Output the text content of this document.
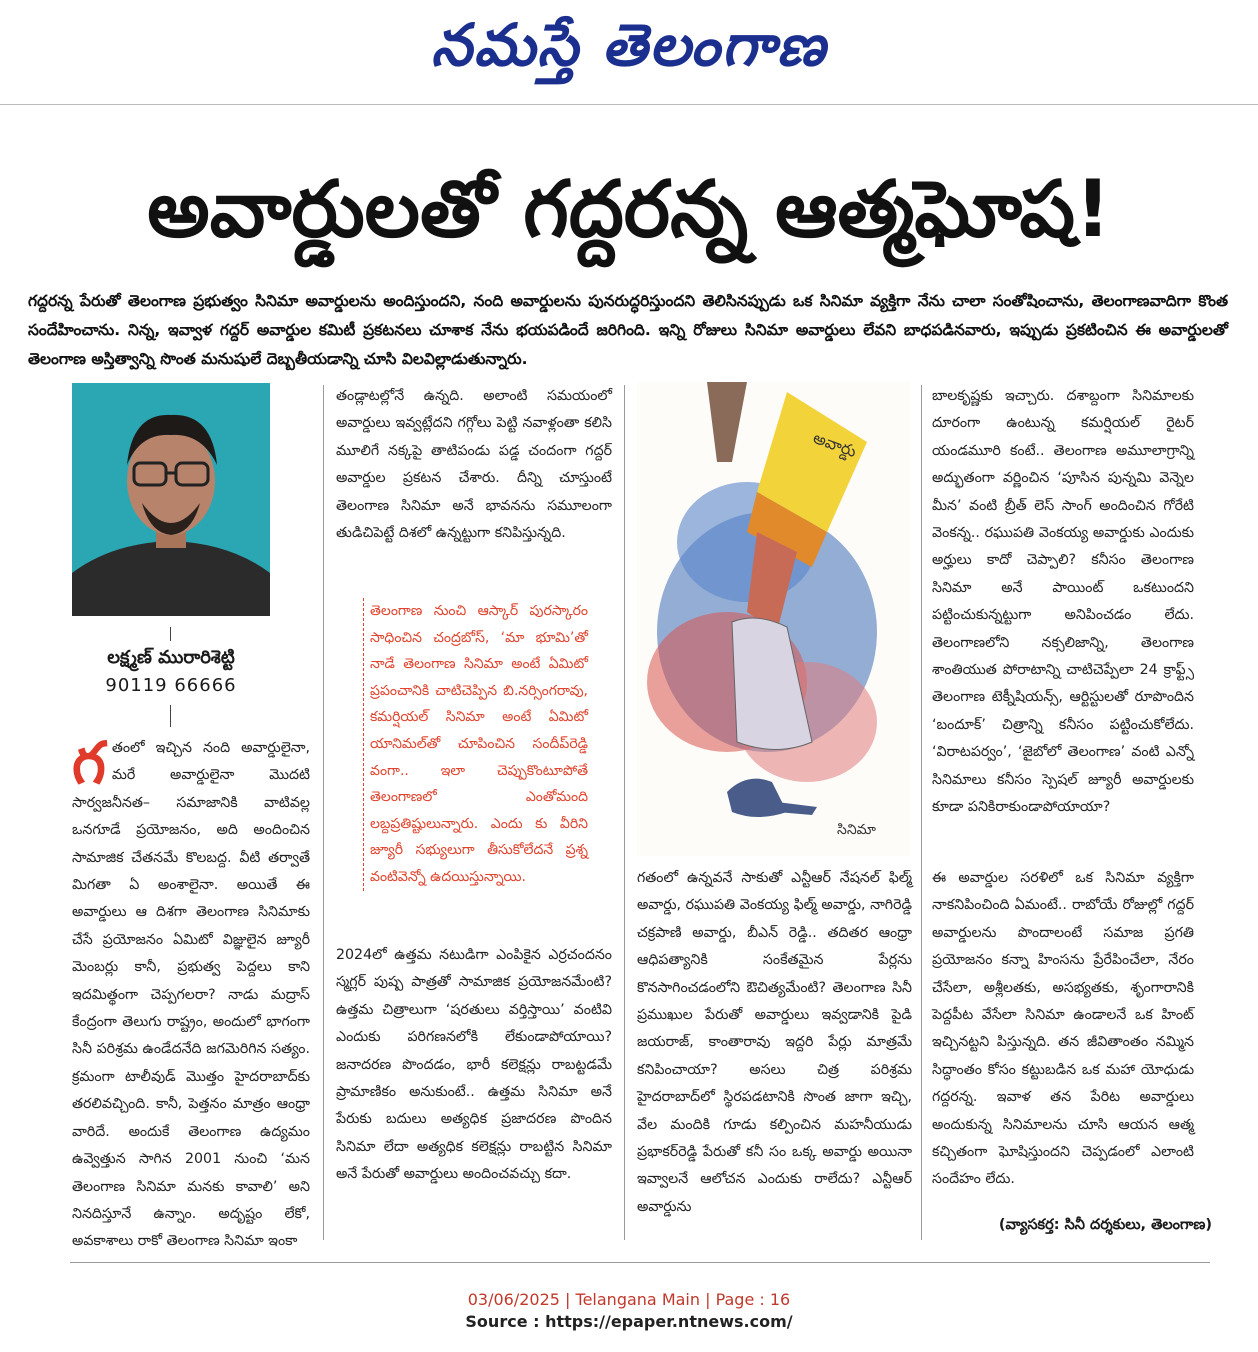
నమస్తే తెలంగాణ
అవార్డులతో గద్దరన్న ఆత్మఘోష!
గద్దరన్న పేరుతో తెలంగాణ ప్రభుత్వం సినిమా అవార్డులను అందిస్తుందని, నంది అవార్డులను పునరుద్ధరిస్తుందని తెలిసినప్పుడు ఒక సినిమా వ్యక్తిగా నేను చాలా సంతోషించాను, తెలంగాణవాదిగా కొంత సందేహించాను. నిన్న, ఇవ్వాళ గద్దర్ అవార్డుల కమిటీ ప్రకటనలు చూశాక నేను భయపడిందే జరిగింది. ఇన్ని రోజులు సినిమా అవార్డులు లేవని బాధపడినవారు, ఇప్పుడు ప్రకటించిన ఈ అవార్డులతో తెలంగాణ అస్తిత్వాన్ని సొంత మనుషులే దెబ్బతీయడాన్ని చూసి విలవిల్లాడుతున్నారు.
లక్ష్మణ్ మురారిశెట్టి
90119 66666
గ తంలో ఇచ్చిన నంది అవార్డులైనా, మరే అవార్డులైనా మొదటి సార్వజనీనత– సమాజానికి వాటివల్ల ఒనగూడే ప్రయోజనం, అది అందించిన సామాజిక చేతనమే కొలబద్ద. వీటి తర్వాతే మిగతా ఏ అంశాలైనా. అయితే ఈ అవార్డులు ఆ దిశగా తెలంగాణ సినిమాకు చేసే ప్రయోజనం ఏమిటో విజ్ఞులైన జ్యూరీ మెంబర్లు కానీ, ప్రభుత్వ పెద్దలు కాని ఇదమిత్థంగా చెప్పగలరా? నాడు మద్రాస్ కేంద్రంగా తెలుగు రాష్ట్రం, అందులో భాగంగా సినీ పరిశ్రమ ఉండేదనేది జగమెరిగిన సత్యం. క్రమంగా టాలీవుడ్ మొత్తం హైదరాబాద్‌కు తరలివచ్చింది. కానీ, పెత్తనం మాత్రం ఆంధ్రా వారిదే. అందుకే తెలంగాణ ఉద్యమం ఉవ్వెత్తున సాగిన 2001 నుంచి ‘మన తెలంగాణ సినిమా మనకు కావాలి’ అని నినదిస్తూనే ఉన్నాం. అదృష్టం లేకో, అవకాశాలు రాకో తెలంగాణ సినిమా ఇంకా

తండ్లాటల్లోనే ఉన్నది. అలాంటి సమయంలో అవార్డులు ఇవ్వట్లేదని గగ్గోలు పెట్టి నవాళ్లంతా కలిసి మూలిగే నక్కపై తాటిపండు పడ్డ చందంగా గద్దర్ అవార్డుల ప్రకటన చేశారు. దీన్ని చూస్తుంటే తెలంగాణ సినిమా అనే భావనను సమూలంగా తుడిచిపెట్టే దిశలో ఉన్నట్టుగా కనిపిస్తున్నది.

తెలంగాణ నుంచి ఆస్కార్ పురస్కారం సాధించిన చంద్రబోస్, ‘మా భూమి’తో నాడే తెలంగాణ సినిమా అంటే ఏమిటో ప్రపంచానికి చాటిచెప్పిన బి.నర్సింగరావు, కమర్షియల్ సినిమా అంటే ఏమిటో యానిమల్‌తో చూపించిన సందీప్‌రెడ్డి వంగా.. ఇలా చెప్పుకొంటూపోతే తెలంగాణలో ఎంతోమంది లబ్దప్రతిష్టులున్నారు. ఎందు కు వీరిని జ్యూరీ సభ్యులుగా తీసుకోలేదనే ప్రశ్న వంటివెన్నో ఉదయిస్తున్నాయి.

2024లో ఉత్తమ నటుడిగా ఎంపికైన ఎర్రచందనం స్మగ్లర్ పుష్ప పాత్రతో సామాజిక ప్రయోజనమేంటి? ఉత్తమ చిత్రాలుగా ‘షరతులు వర్తిస్తాయి’ వంటివి ఎందుకు పరిగణనలోకి లేకుండాపోయాయి? జనాదరణ పొందడం, భారీ కలెక్షన్లు రాబట్టడమే ప్రామాణికం అనుకుంటే.. ఉత్తమ సినిమా అనే పేరుకు బదులు అత్యధిక ప్రజాదరణ పొందిన సినిమా లేదా అత్యధిక కలెక్షన్లు రాబట్టిన సినిమా అనే పేరుతో అవార్డులు అందించవచ్చు కదా.

అవార్డు
సినిమా

గతంలో ఉన్నవనే సాకుతో ఎన్టీఆర్ నేషనల్ ఫిల్మ్ అవార్డు, రఘుపతి వెంకయ్య ఫిల్మ్ అవార్డు, నాగిరెడ్డి చక్రపాణి అవార్డు, బీఎన్ రెడ్డి.. తదితర ఆంధ్రా ఆధిపత్యానికి సంకేతమైన పేర్లను కొనసాగించడంలోని ఔచిత్యమేంటి? తెలంగాణ సినీ ప్రముఖుల పేరుతో అవార్డులు ఇవ్వడానికి పైడి జయరాజ్, కాంతారావు ఇద్దరి పేర్లు మాత్రమే కనిపించాయా? అసలు చిత్ర పరిశ్రమ హైదరాబాద్‌లో స్థిరపడటానికి సొంత జాగా ఇచ్చి, వేల మందికి గూడు కల్పించిన మహనీయుడు ప్రభాకర్‌రెడ్డి పేరుతో కనీ సం ఒక్క అవార్డు అయినా ఇవ్వాలనే ఆలోచన ఎందుకు రాలేదు? ఎన్టీఆర్ అవార్డును

బాలకృష్ణకు ఇచ్చారు. దశాబ్దంగా సినిమాలకు దూరంగా ఉంటున్న కమర్షియల్ రైటర్ యండమూరి కంటే.. తెలంగాణ అమూలాగ్రాన్ని అద్భుతంగా వర్ణించిన ‘పూసిన పున్నమి వెన్నెల మీన’ వంటి బ్రీత్ లెస్ సాంగ్ అందించిన గోరేటి వెంకన్న.. రఘుపతి వెంకయ్య అవార్డుకు ఎందుకు అర్హులు కాదో చెప్పాలి? కనీసం తెలంగాణ సినిమా అనే పాయింట్ ఒకటుందని పట్టించుకున్నట్టుగా అనిపించడం లేదు. తెలంగాణలోని నక్సలిజాన్ని, తెలంగాణ శాంతియుత పోరాటాన్ని చాటిచెప్పేలా 24 క్రాఫ్ట్స్ తెలంగాణ టెక్నీషియన్స్, ఆర్టిస్టులతో రూపొందిన ‘బందూక్’ చిత్రాన్ని కనీసం పట్టించుకోలేదు. ‘విరాటపర్వం’, ‘జైబోలో తెలంగాణ’ వంటి ఎన్నో సినిమాలు కనీసం స్పెషల్ జ్యూరీ అవార్డులకు కూడా పనికిరాకుండాపోయాయా?

ఈ అవార్డుల సరళిలో ఒక సినిమా వ్యక్తిగా నాకనిపించింది ఏమంటే.. రాబోయే రోజుల్లో గద్దర్ అవార్డులను పొందాలంటే సమాజ ప్రగతి ప్రయోజనం కన్నా హింసను ప్రేరేపించేలా, నేరం చేసేలా, అశ్లీలతకు, అసభ్యతకు, శృంగారానికి పెద్దపీట వేసేలా సినిమా ఉండాలనే ఒక హింట్ ఇచ్చినట్టని పిస్తున్నది. తన జీవితాంతం నమ్మిన సిద్ధాంతం కోసం కట్టుబడిన ఒక మహా యోధుడు గద్దరన్న. ఇవాళ తన పేరిట అవార్డులు అందుకున్న సినిమాలను చూసి ఆయన ఆత్మ కచ్చితంగా ఘోషిస్తుందని చెప్పడంలో ఎలాంటి సందేహం లేదు.

(వ్యాసకర్త: సినీ దర్శకులు, తెలంగాణ)
03/06/2025 | Telangana Main | Page : 16
Source : https://epaper.ntnews.com/
